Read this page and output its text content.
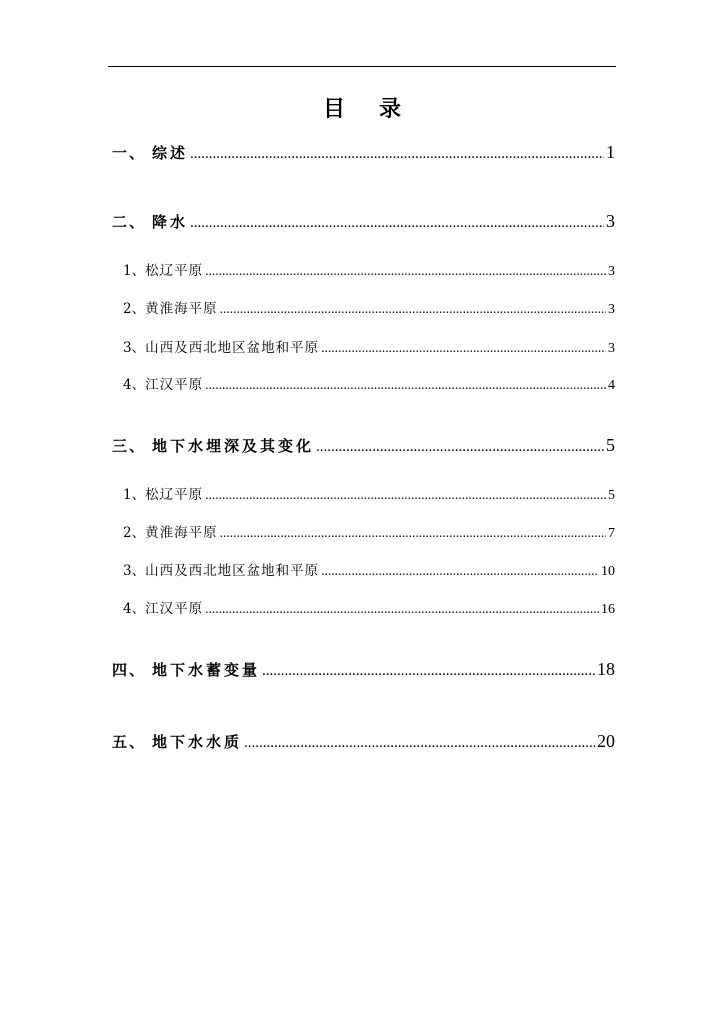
目 录
一、 综述 .....	1
二、 降水 .....	3
1、 松辽平原 .....	3
2、 黄淮海平原 .....	3
3、 山西及西北地区盆地和平原 .....	3
4、 江汉平原 .....	4
三、 地下水埋深及其变化 .....	5
1、 松辽平原 .....	5
2、 黄淮海平原 .....	7
3、 山西及西北地区盆地和平原 .....	10
4、 江汉平原 .....	16
四、 地下水蓄变量 .....	18
五、 地下水水质 .....	20
